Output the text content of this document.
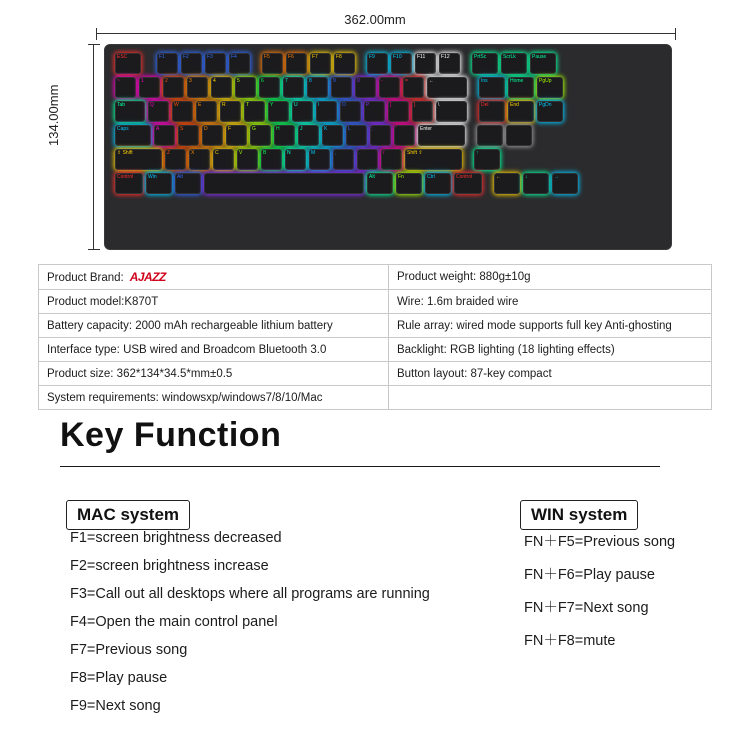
362.00mm
134.00mm
ESC	F1	F2	F3	F4	F5	F6	F7	F8	F9	F10	F11	F12	PrtSc	ScrLk	Pause
~	1	2	3	4	5	6	7	8	9	0	-	=	←	Ins	Home	PgUp
Tab	Q	W	E	R	T	Y	U	I	O	P	[	]	\	Del	End	PgDn
Caps	A	S	D	F	G	H	J	K	L	;	'	Enter
⇧ Shift	Z	X	C	V	B	N	M	,	.	/	Shift ⇧	↑
Control	Win	Alt	Alt	Fn	Ctrl	Control	←	↓	→
Product Brand: AJAZZ	Product weight: 880g±10g
Product model:K870T	Wire: 1.6m braided wire
Battery capacity: 2000 mAh rechargeable lithium battery	Rule array: wired mode supports full key Anti-ghosting
Interface type: USB wired and Broadcom Bluetooth 3.0	Backlight: RGB lighting (18 lighting effects)
Product size: 362*134*34.5*mm±0.5	Button layout: 87-key compact
System requirements: windowsxp/windows7/8/10/Mac	
Key Function
MAC system
F1=screen brightness decreased
F2=screen brightness increase
F3=Call out all desktops where all programs are running
F4=Open the main control panel
F7=Previous song
F8=Play pause
F9=Next song
WIN system
FN＋F5=Previous song
FN＋F6=Play pause
FN＋F7=Next song
FN＋F8=mute
